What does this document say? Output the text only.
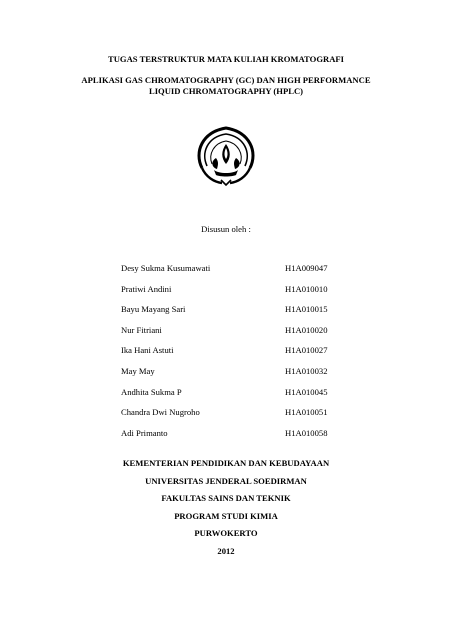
TUGAS TERSTRUKTUR MATA KULIAH KROMATOGRAFI
APLIKASI GAS CHROMATOGRAPHY (GC) DAN HIGH PERFORMANCE
LIQUID CHROMATOGRAPHY (HPLC)
Disusun oleh :
Desy Sukma Kusumawati	H1A009047
Pratiwi Andini	H1A010010
Bayu Mayang Sari	H1A010015
Nur Fitriani	H1A010020
Ika Hani Astuti	H1A010027
May May	H1A010032
Andhita Sukma P	H1A010045
Chandra Dwi Nugroho	H1A010051
Adi Primanto	H1A010058
KEMENTERIAN PENDIDIKAN DAN KEBUDAYAAN
UNIVERSITAS JENDERAL SOEDIRMAN
FAKULTAS SAINS DAN TEKNIK
PROGRAM STUDI KIMIA
PURWOKERTO
2012
